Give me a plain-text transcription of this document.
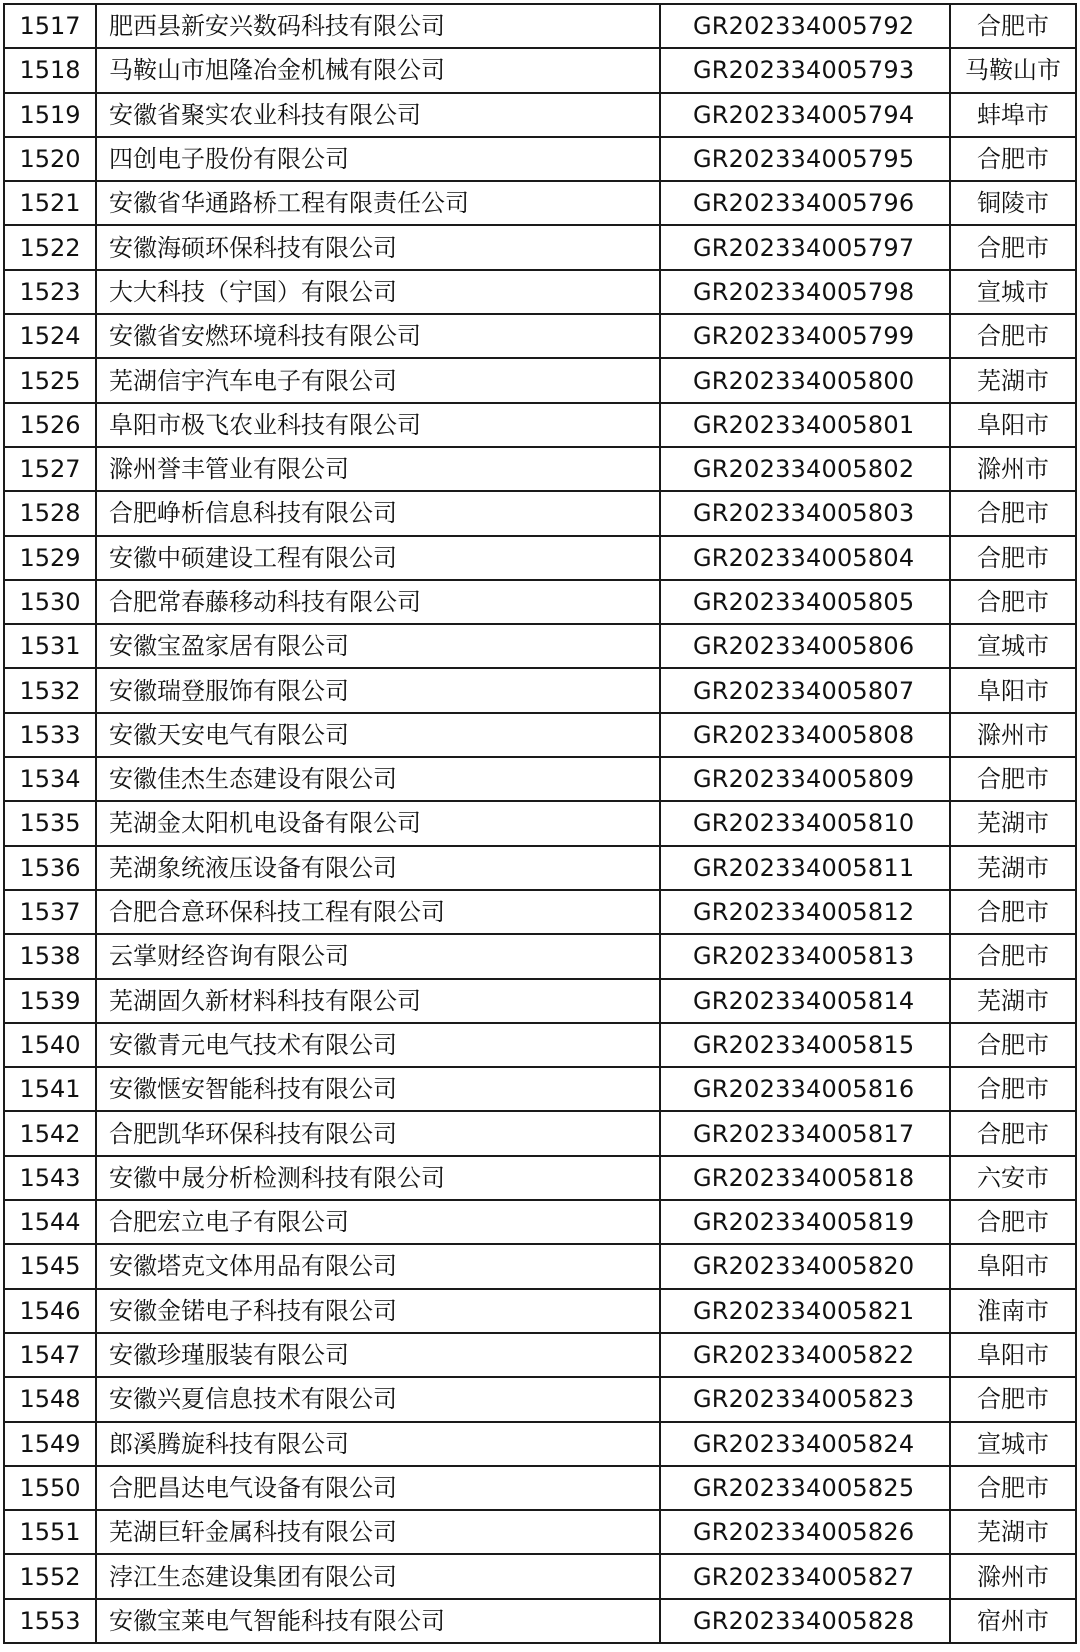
1517	肥西县新安兴数码科技有限公司	GR202334005792	合肥市
1518	马鞍山市旭隆冶金机械有限公司	GR202334005793	马鞍山市
1519	安徽省聚实农业科技有限公司	GR202334005794	蚌埠市
1520	四创电子股份有限公司	GR202334005795	合肥市
1521	安徽省华通路桥工程有限责任公司	GR202334005796	铜陵市
1522	安徽海硕环保科技有限公司	GR202334005797	合肥市
1523	大大科技（宁国）有限公司	GR202334005798	宣城市
1524	安徽省安燃环境科技有限公司	GR202334005799	合肥市
1525	芜湖信宇汽车电子有限公司	GR202334005800	芜湖市
1526	阜阳市极飞农业科技有限公司	GR202334005801	阜阳市
1527	滁州誉丰管业有限公司	GR202334005802	滁州市
1528	合肥峥析信息科技有限公司	GR202334005803	合肥市
1529	安徽中硕建设工程有限公司	GR202334005804	合肥市
1530	合肥常春藤移动科技有限公司	GR202334005805	合肥市
1531	安徽宝盈家居有限公司	GR202334005806	宣城市
1532	安徽瑞登服饰有限公司	GR202334005807	阜阳市
1533	安徽天安电气有限公司	GR202334005808	滁州市
1534	安徽佳杰生态建设有限公司	GR202334005809	合肥市
1535	芜湖金太阳机电设备有限公司	GR202334005810	芜湖市
1536	芜湖象统液压设备有限公司	GR202334005811	芜湖市
1537	合肥合意环保科技工程有限公司	GR202334005812	合肥市
1538	云掌财经咨询有限公司	GR202334005813	合肥市
1539	芜湖固久新材料科技有限公司	GR202334005814	芜湖市
1540	安徽青元电气技术有限公司	GR202334005815	合肥市
1541	安徽惬安智能科技有限公司	GR202334005816	合肥市
1542	合肥凯华环保科技有限公司	GR202334005817	合肥市
1543	安徽中晟分析检测科技有限公司	GR202334005818	六安市
1544	合肥宏立电子有限公司	GR202334005819	合肥市
1545	安徽塔克文体用品有限公司	GR202334005820	阜阳市
1546	安徽金锘电子科技有限公司	GR202334005821	淮南市
1547	安徽珍瑾服装有限公司	GR202334005822	阜阳市
1548	安徽兴夏信息技术有限公司	GR202334005823	合肥市
1549	郎溪腾旋科技有限公司	GR202334005824	宣城市
1550	合肥昌达电气设备有限公司	GR202334005825	合肥市
1551	芜湖巨轩金属科技有限公司	GR202334005826	芜湖市
1552	浡江生态建设集团有限公司	GR202334005827	滁州市
1553	安徽宝莱电气智能科技有限公司	GR202334005828	宿州市
